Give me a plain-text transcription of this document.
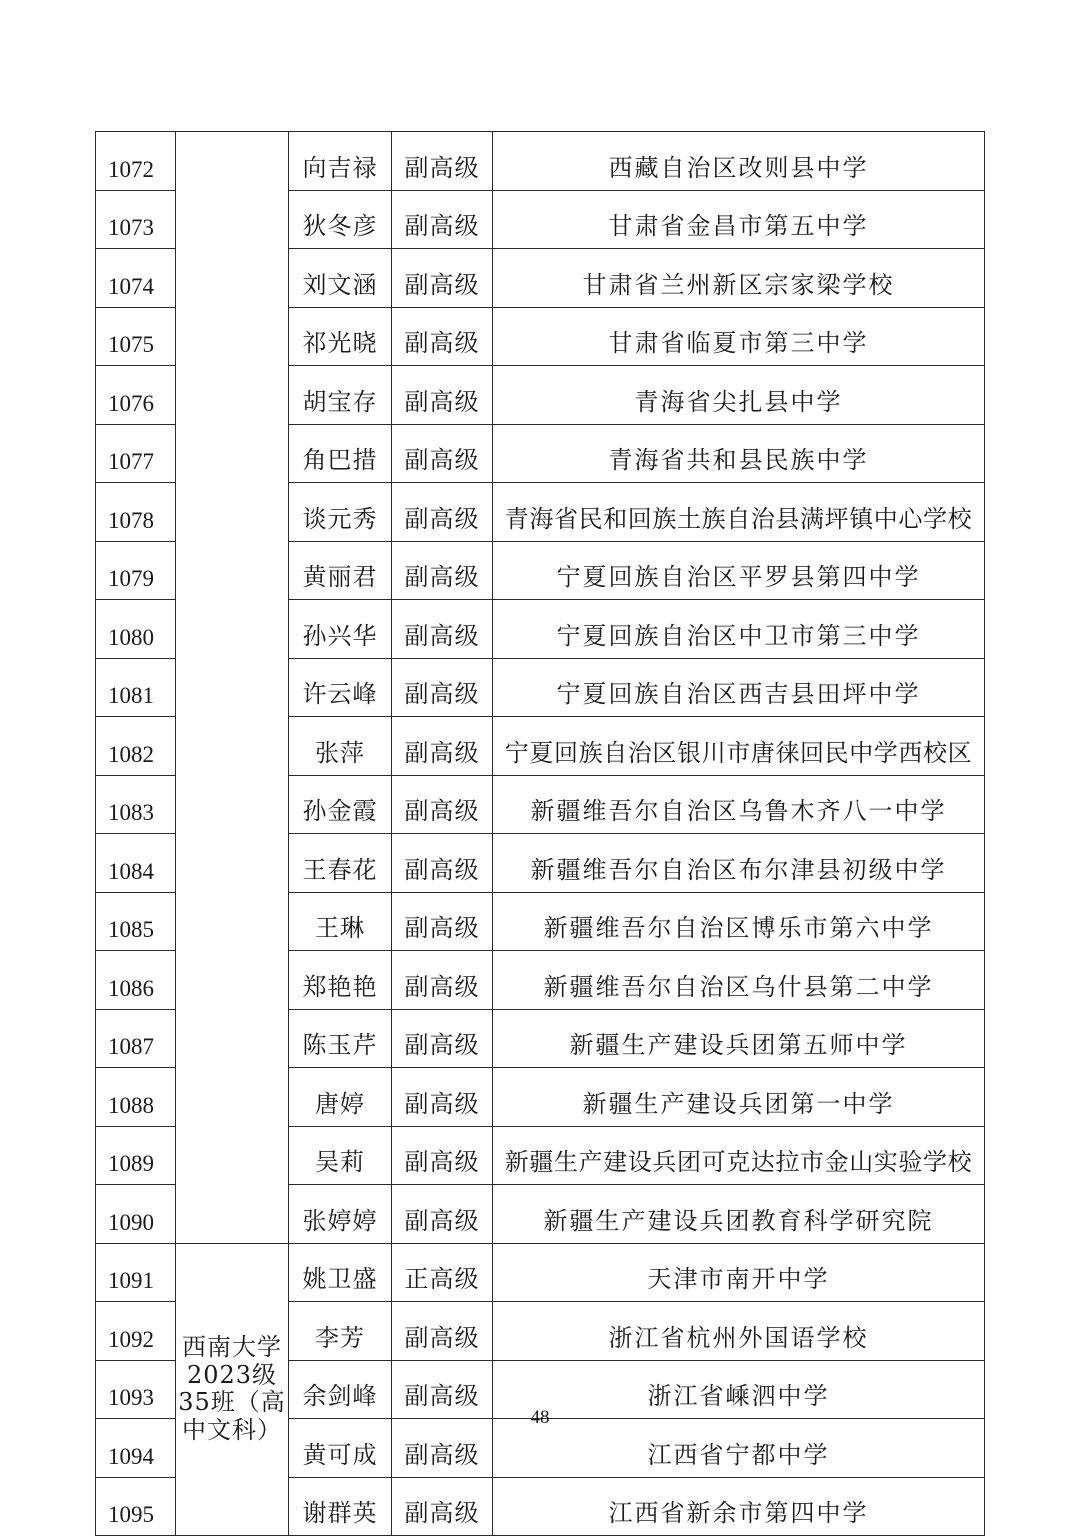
1072		向吉禄	副高级	西藏自治区改则县中学
1073		狄冬彦	副高级	甘肃省金昌市第五中学
1074		刘文涵	副高级	甘肃省兰州新区宗家梁学校
1075		祁光晓	副高级	甘肃省临夏市第三中学
1076		胡宝存	副高级	青海省尖扎县中学
1077		角巴措	副高级	青海省共和县民族中学
1078		谈元秀	副高级	青海省民和回族土族自治县满坪镇中心学校
1079		黄丽君	副高级	宁夏回族自治区平罗县第四中学
1080		孙兴华	副高级	宁夏回族自治区中卫市第三中学
1081		许云峰	副高级	宁夏回族自治区西吉县田坪中学
1082		张萍	副高级	宁夏回族自治区银川市唐徕回民中学西校区
1083		孙金霞	副高级	新疆维吾尔自治区乌鲁木齐八一中学
1084		王春花	副高级	新疆维吾尔自治区布尔津县初级中学
1085		王琳	副高级	新疆维吾尔自治区博乐市第六中学
1086		郑艳艳	副高级	新疆维吾尔自治区乌什县第二中学
1087		陈玉芹	副高级	新疆生产建设兵团第五师中学
1088		唐婷	副高级	新疆生产建设兵团第一中学
1089		吴莉	副高级	新疆生产建设兵团可克达拉市金山实验学校
1090		张婷婷	副高级	新疆生产建设兵团教育科学研究院
1091	西南大学2023级35班（高中文科）	姚卫盛	正高级	天津市南开中学
1092		李芳	副高级	浙江省杭州外国语学校
1093		余剑峰	副高级	浙江省嵊泗中学
1094		黄可成	副高级	江西省宁都中学
1095		谢群英	副高级	江西省新余市第四中学
48
